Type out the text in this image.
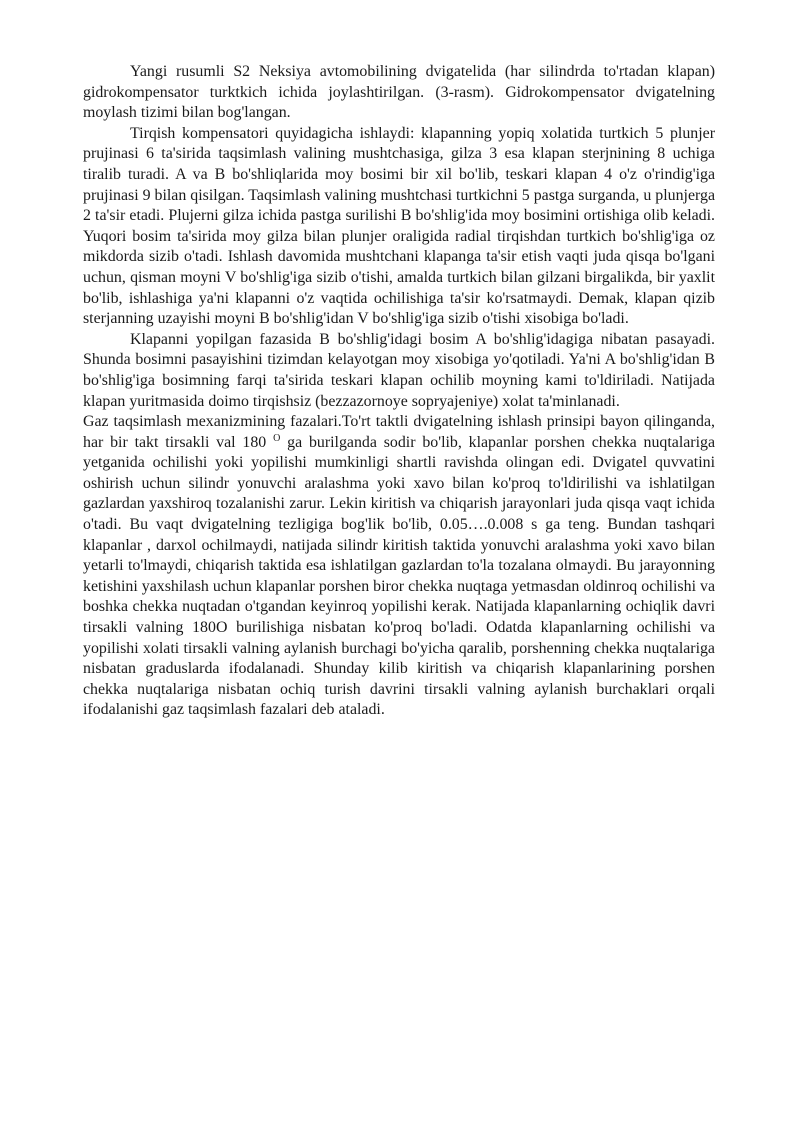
Yangi rusumli S2 Neksiya avtomobilining dvigatelida (har silindrda to'rtadan klapan) gidrokompensator turktkich ichida joylashtirilgan. (3-rasm). Gidrokompensator dvigatelning moylash tizimi bilan bog'langan.

Tirqish kompensatori quyidagicha ishlaydi: klapanning yopiq xolatida turtkich 5 plunjer prujinasi 6 ta'sirida taqsimlash valining mushtchasiga, gilza 3 esa klapan sterjnining 8 uchiga tiralib turadi. A va B bo'shliqlarida moy bosimi bir xil bo'lib, teskari klapan 4 o'z o'rindig'iga prujinasi 9 bilan qisilgan. Taqsimlash valining mushtchasi turtkichni 5 pastga surganda, u plunjerga 2 ta'sir etadi. Plujerni gilza ichida pastga surilishi B bo'shlig'ida moy bosimini ortishiga olib keladi. Yuqori bosim ta'sirida moy gilza bilan plunjer oraligida radial tirqishdan turtkich bo'shlig'iga oz mikdorda sizib o'tadi. Ishlash davomida mushtchani klapanga ta'sir etish vaqti juda qisqa bo'lgani uchun, qisman moyni V bo'shlig'iga sizib o'tishi, amalda turtkich bilan gilzani birgalikda, bir yaxlit bo'lib, ishlashiga ya'ni klapanni o'z vaqtida ochilishiga ta'sir ko'rsatmaydi. Demak, klapan qizib sterjanning uzayishi moyni B bo'shlig'idan V bo'shlig'iga sizib o'tishi xisobiga bo'ladi.

Klapanni yopilgan fazasida B bo'shlig'idagi bosim A bo'shlig'idagiga nibatan pasayadi. Shunda bosimni pasayishini tizimdan kelayotgan moy xisobiga yo'qotiladi. Ya'ni A bo'shlig'idan B bo'shlig'iga bosimning farqi ta'sirida teskari klapan ochilib moyning kami to'ldiriladi. Natijada klapan yuritmasida doimo tirqishsiz (bezzazornoye sopryajeniye) xolat ta'minlanadi.

Gaz taqsimlash mexanizmining fazalari.To'rt taktli dvigatelning ishlash prinsipi bayon qilinganda, har bir takt tirsakli val 180 $^O$ ga burilganda sodir bo'lib, klapanlar porshen chekka nuqtalariga yetganida ochilishi yoki yopilishi mumkinligi shartli ravishda olingan edi. Dvigatel quvvatini oshirish uchun silindr yonuvchi aralashma yoki xavo bilan ko'proq to'ldirilishi va ishlatilgan gazlardan yaxshiroq tozalanishi zarur. Lekin kiritish va chiqarish jarayonlari juda qisqa vaqt ichida o'tadi. Bu vaqt dvigatelning tezligiga bog'lik bo'lib, 0.05….0.008 s ga teng. Bundan tashqari klapanlar , darxol ochilmaydi, natijada silindr kiritish taktida yonuvchi aralashma yoki xavo bilan yetarli to'lmaydi, chiqarish taktida esa ishlatilgan gazlardan to'la tozalana olmaydi. Bu jarayonning ketishini yaxshilash uchun klapanlar porshen biror chekka nuqtaga yetmasdan oldinroq ochilishi va boshka chekka nuqtadan o'tgandan keyinroq yopilishi kerak. Natijada klapanlarning ochiqlik davri tirsakli valning 180O burilishiga nisbatan ko'proq bo'ladi. Odatda klapanlarning ochilishi va yopilishi xolati tirsakli valning aylanish burchagi bo'yicha qaralib, porshenning chekka nuqtalariga nisbatan graduslarda ifodalanadi. Shunday kilib kiritish va chiqarish klapanlarining porshen chekka nuqtalariga nisbatan ochiq turish davrini tirsakli valning aylanish burchaklari orqali ifodalanishi gaz taqsimlash fazalari deb ataladi.
